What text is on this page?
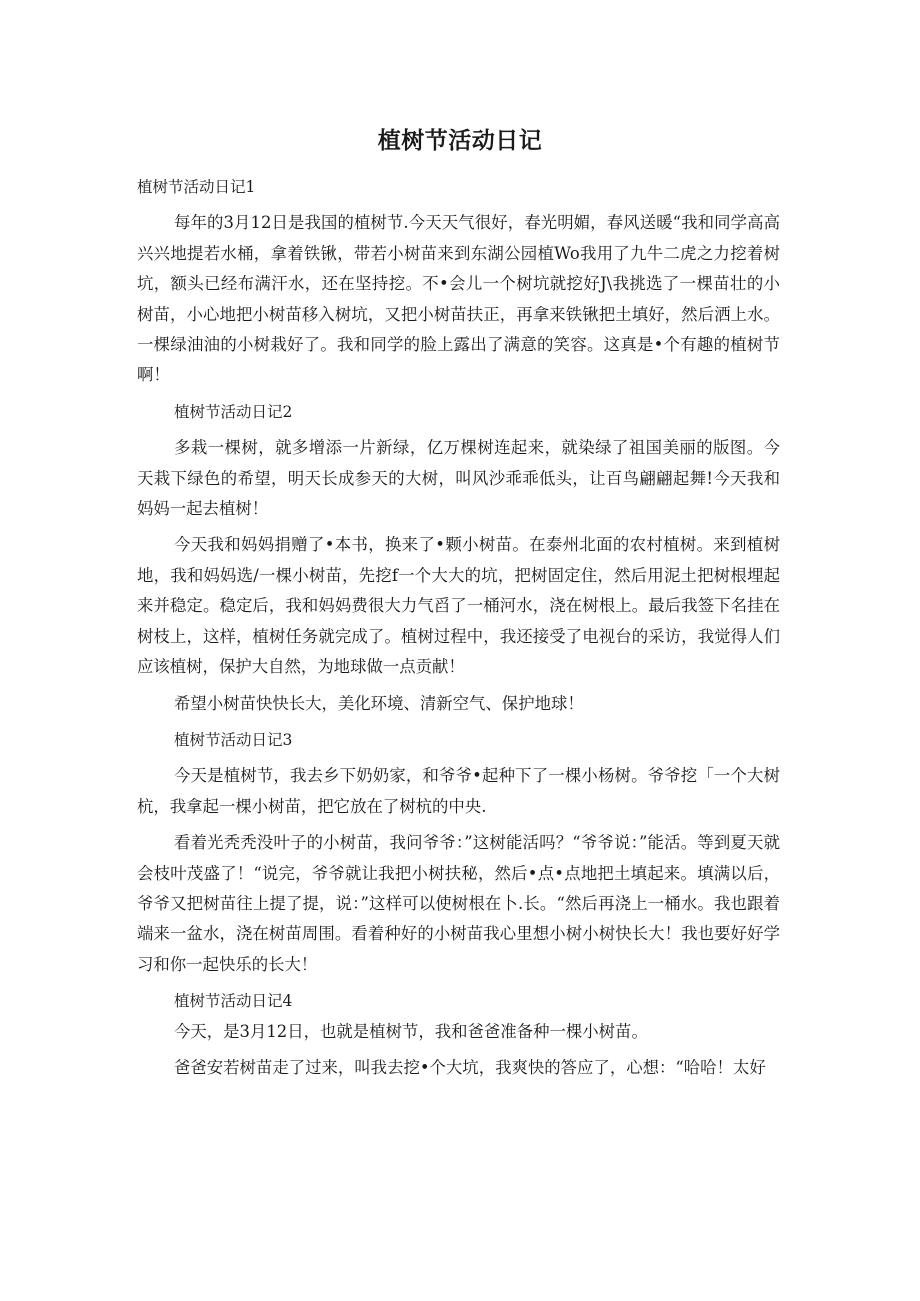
植树节活动日记
植树节活动日记1

每年的3月12日是我国的植树节.今天天气很好，春光明媚，春风送暖“我和同学高高兴兴地提若水桶，拿着铁锹，带若小树苗来到东湖公园植Wo我用了九牛二虎之力挖着树坑，额头已经布满汗水，还在坚持挖。不•会儿一个树坑就挖好J\我挑选了一棵苗壮的小树苗，小心地把小树苗移入树坑，又把小树苗扶正，再拿来铁锹把土填好，然后洒上水。一棵绿油油的小树栽好了。我和同学的脸上露出了满意的笑容。这真是•个有趣的植树节啊！

植树节活动日记2

多栽一棵树，就多增添一片新绿，亿万棵树连起来，就染绿了祖国美丽的版图。今天栽下绿色的希望，明天长成参天的大树，叫风沙乖乖低头，让百鸟翩翩起舞!今天我和妈妈一起去植树！

今天我和妈妈捐赠了•本书，换来了•颗小树苗。在泰州北面的农村植树。来到植树地，我和妈妈选/一棵小树苗，先挖f一个大大的坑，把树固定住，然后用泥土把树根埋起来并稳定。稳定后，我和妈妈费很大力气舀了一桶河水，浇在树根上。最后我签下名挂在树枝上，这样，植树任务就完成了。植树过程中，我还接受了电视台的采访，我觉得人们应该植树，保护大自然，为地球做一点贡献！

希望小树苗快快长大，美化环境、清新空气、保护地球！

植树节活动日记3

今天是植树节，我去乡下奶奶家，和爷爷•起种下了一棵小杨树。爷爷挖「一个大树杭，我拿起一棵小树苗，把它放在了树杭的中央.

看着光秃秃没叶子的小树苗，我问爷爷：”这树能活吗？“爷爷说：”能活。等到夏天就会枝叶茂盛了！“说完，爷爷就让我把小树扶秘，然后•点•点地把土填起来。填满以后，爷爷又把树苗往上提了提，说：”这样可以使树根在卜.长。“然后再浇上一桶水。我也跟着端来一盆水，浇在树苗周围。看着种好的小树苗我心里想小树小树快长大！我也要好好学习和你一起快乐的长大！

植树节活动日记4

今天，是3月12日，也就是植树节，我和爸爸准备种一棵小树苗。

爸爸安若树苗走了过来，叫我去挖•个大坑，我爽快的答应了，心想：“哈哈！太好
